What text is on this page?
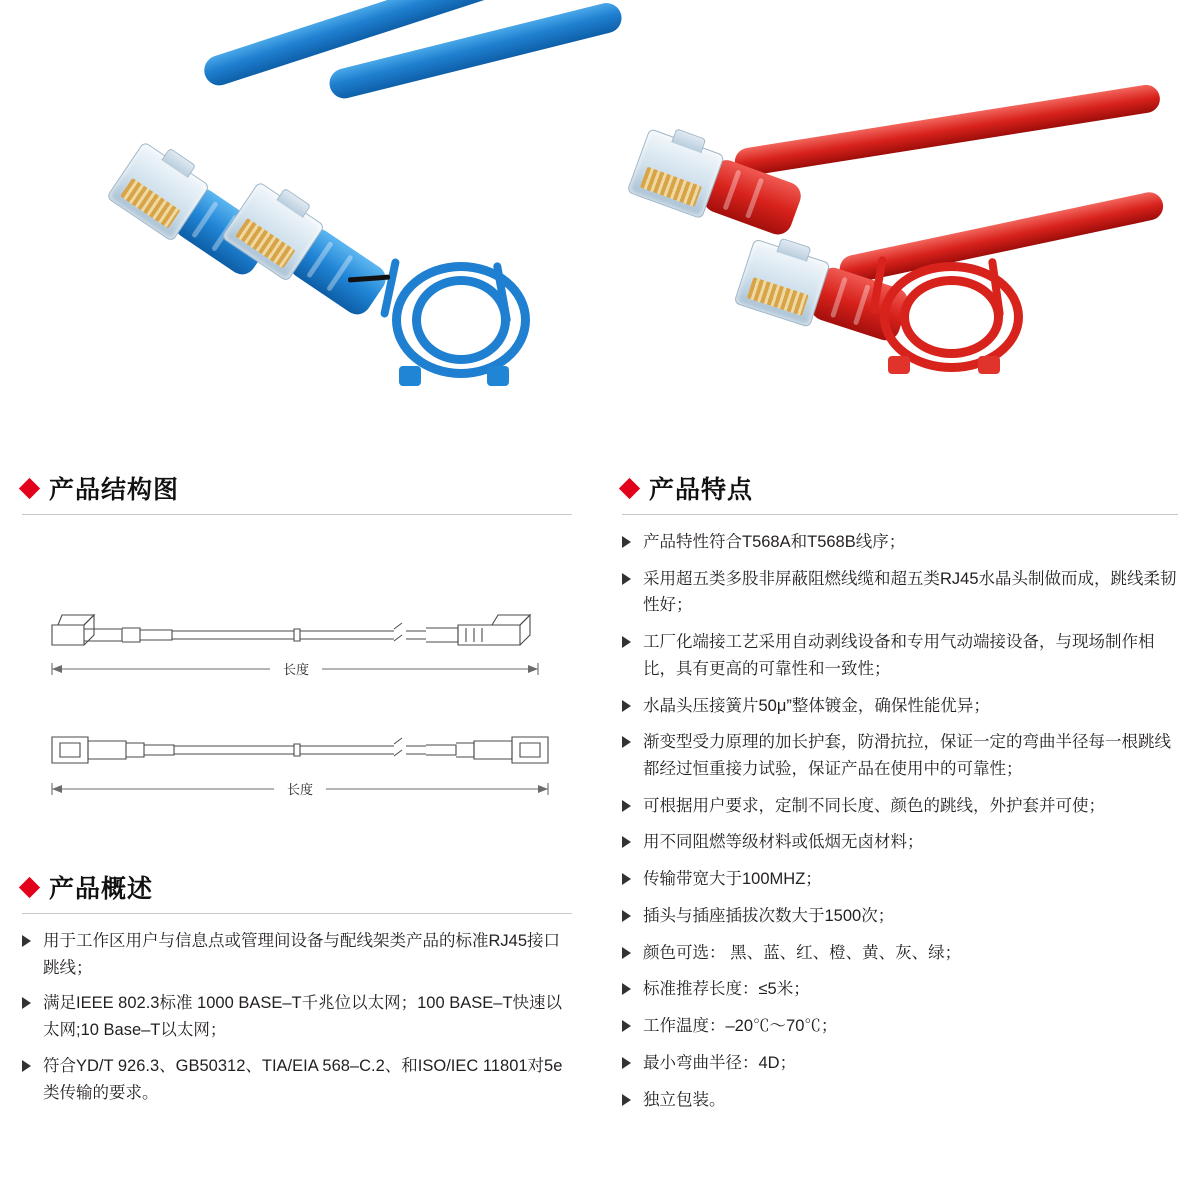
产品结构图
长度
长度
产品概述
用于工作区用户与信息点或管理间设备与配线架类产品的标准RJ45接口跳线；
满足IEEE 802.3标准 1000 BASE–T千兆位以太网；100 BASE–T快速以太网;10 Base–T以太网；
符合YD/T 926.3、GB50312、TIA/EIA 568–C.2、和ISO/IEC 11801对5e类传输的要求。
产品特点
产品特性符合T568A和T568B线序；
采用超五类多股非屏蔽阻燃线缆和超五类RJ45水晶头制做而成，跳线柔韧性好；
工厂化端接工艺采用自动剥线设备和专用气动端接设备，与现场制作相比，具有更高的可靠性和一致性；
水晶头压接簧片50μ”整体镀金，确保性能优异；
渐变型受力原理的加长护套，防滑抗拉，保证一定的弯曲半径每一根跳线都经过恒重接力试验，保证产品在使用中的可靠性；
可根据用户要求，定制不同长度、颜色的跳线，外护套并可使；
用不同阻燃等级材料或低烟无卤材料；
传输带宽大于100MHZ；
插头与插座插拔次数大于1500次；
颜色可选： 黑、蓝、红、橙、黄、灰、绿；
标准推荐长度：≤5米；
工作温度：–20℃～70℃；
最小弯曲半径：4D；
独立包装。
